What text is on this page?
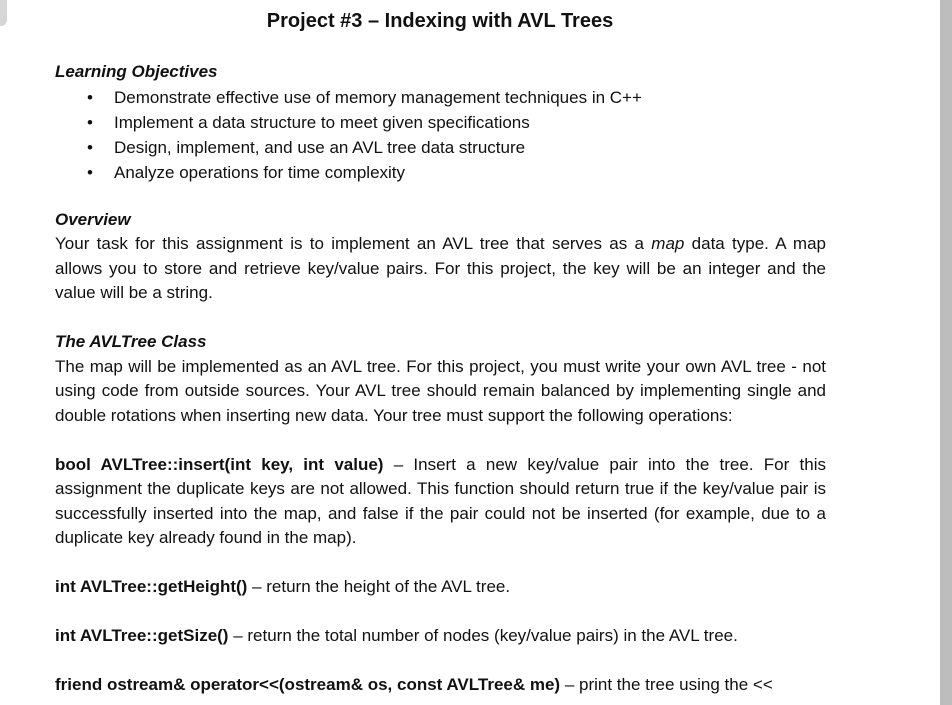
Project #3 – Indexing with AVL Trees

Learning Objectives

• Demonstrate effective use of memory management techniques in C++
• Implement a data structure to meet given specifications
• Design, implement, and use an AVL tree data structure
• Analyze operations for time complexity

Overview

Your task for this assignment is to implement an AVL tree that serves as a map data type. A map allows you to store and retrieve key/value pairs. For this project, the key will be an integer and the value will be a string.

The AVLTree Class

The map will be implemented as an AVL tree. For this project, you must write your own AVL tree - not using code from outside sources. Your AVL tree should remain balanced by implementing single and double rotations when inserting new data. Your tree must support the following operations:

bool AVLTree::insert(int key, int value) – Insert a new key/value pair into the tree. For this assignment the duplicate keys are not allowed. This function should return true if the key/value pair is successfully inserted into the map, and false if the pair could not be inserted (for example, due to a duplicate key already found in the map).

int AVLTree::getHeight() – return the height of the AVL tree.

int AVLTree::getSize() – return the total number of nodes (key/value pairs) in the AVL tree.

friend ostream& operator<<(ostream& os, const AVLTree& me) – print the tree using the <<
